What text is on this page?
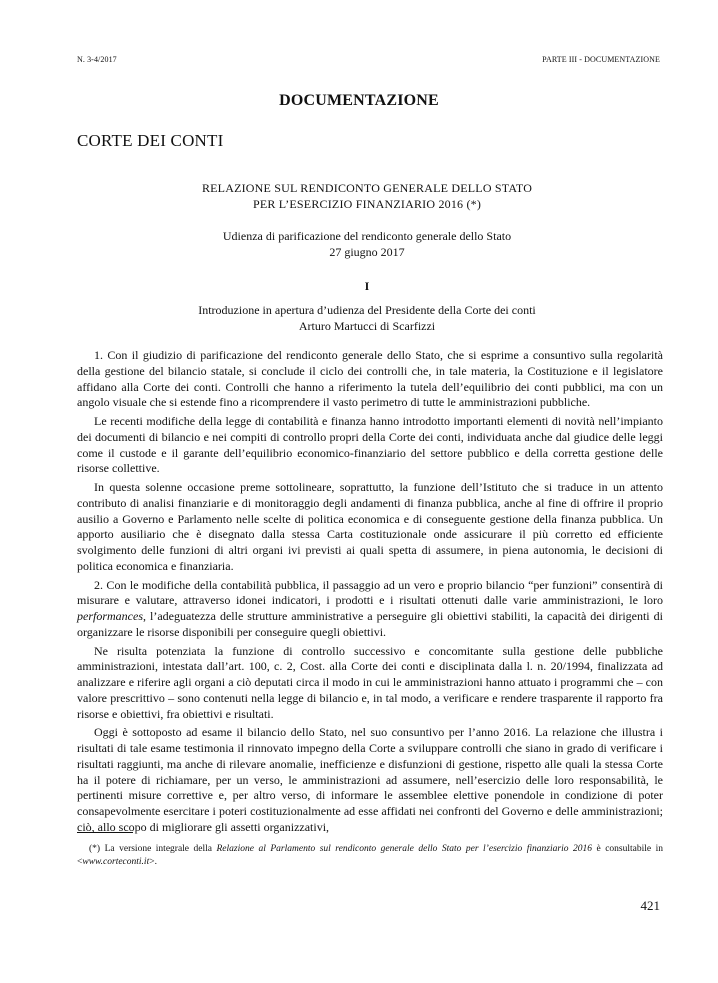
N. 3-4/2017	PARTE III - DOCUMENTAZIONE
DOCUMENTAZIONE
CORTE DEI CONTI
RELAZIONE SUL RENDICONTO GENERALE DELLO STATO
PER L’ESERCIZIO FINANZIARIO 2016 (*)
Udienza di parificazione del rendiconto generale dello Stato
27 giugno 2017
I
Introduzione in apertura d’udienza del Presidente della Corte dei conti
Arturo Martucci di Scarfizzi

1. Con il giudizio di parificazione del rendiconto generale dello Stato, che si esprime a consuntivo sulla regolarità della gestione del bilancio statale, si conclude il ciclo dei controlli che, in tale materia, la Costituzione e il legislatore affidano alla Corte dei conti. Controlli che hanno a riferimento la tutela dell’equilibrio dei conti pubblici, ma con un angolo visuale che si estende fino a ricomprendere il vasto perimetro di tutte le amministrazioni pubbliche.

Le recenti modifiche della legge di contabilità e finanza hanno introdotto importanti elementi di novità nell’impianto dei documenti di bilancio e nei compiti di controllo propri della Corte dei conti, individuata anche dal giudice delle leggi come il custode e il garante dell’equilibrio economico-finanziario del settore pubblico e della corretta gestione delle risorse collettive.

In questa solenne occasione preme sottolineare, soprattutto, la funzione dell’Istituto che si traduce in un attento contributo di analisi finanziarie e di monitoraggio degli andamenti di finanza pubblica, anche al fine di offrire il proprio ausilio a Governo e Parlamento nelle scelte di politica economica e di conseguente gestione della finanza pubblica. Un apporto ausiliario che è disegnato dalla stessa Carta costituzionale onde assicurare il più corretto ed efficiente svolgimento delle funzioni di altri organi ivi previsti ai quali spetta di assumere, in piena autonomia, le decisioni di politica economica e finanziaria.

2. Con le modifiche della contabilità pubblica, il passaggio ad un vero e proprio bilancio “per funzioni” consentirà di misurare e valutare, attraverso idonei indicatori, i prodotti e i risultati ottenuti dalle varie amministrazioni, le loro performances, l’adeguatezza delle strutture amministrative a perseguire gli obiettivi stabiliti, la capacità dei dirigenti di organizzare le risorse disponibili per conseguire quegli obiettivi.

Ne risulta potenziata la funzione di controllo successivo e concomitante sulla gestione delle pubbliche amministrazioni, intestata dall’art. 100, c. 2, Cost. alla Corte dei conti e disciplinata dalla l. n. 20/1994, finalizzata ad analizzare e riferire agli organi a ciò deputati circa il modo in cui le amministrazioni hanno attuato i programmi che – con valore prescrittivo – sono contenuti nella legge di bilancio e, in tal modo, a verificare e rendere trasparente il rapporto fra risorse e obiettivi, fra obiettivi e risultati.

Oggi è sottoposto ad esame il bilancio dello Stato, nel suo consuntivo per l’anno 2016. La relazione che illustra i risultati di tale esame testimonia il rinnovato impegno della Corte a sviluppare controlli che siano in grado di verificare i risultati raggiunti, ma anche di rilevare anomalie, inefficienze e disfunzioni di gestione, rispetto alle quali la stessa Corte ha il potere di richiamare, per un verso, le amministrazioni ad assumere, nell’esercizio delle loro responsabilità, le pertinenti misure correttive e, per altro verso, di informare le assemblee elettive ponendole in condizione di poter consapevolmente esercitare i poteri costituzionalmente ad esse affidati nei confronti del Governo e delle amministrazioni; ciò, allo scopo di migliorare gli assetti organizzativi,

(*) La versione integrale della Relazione al Parlamento sul rendiconto generale dello Stato per l’esercizio finanziario 2016 è consultabile in <www.corteconti.it>.
421
